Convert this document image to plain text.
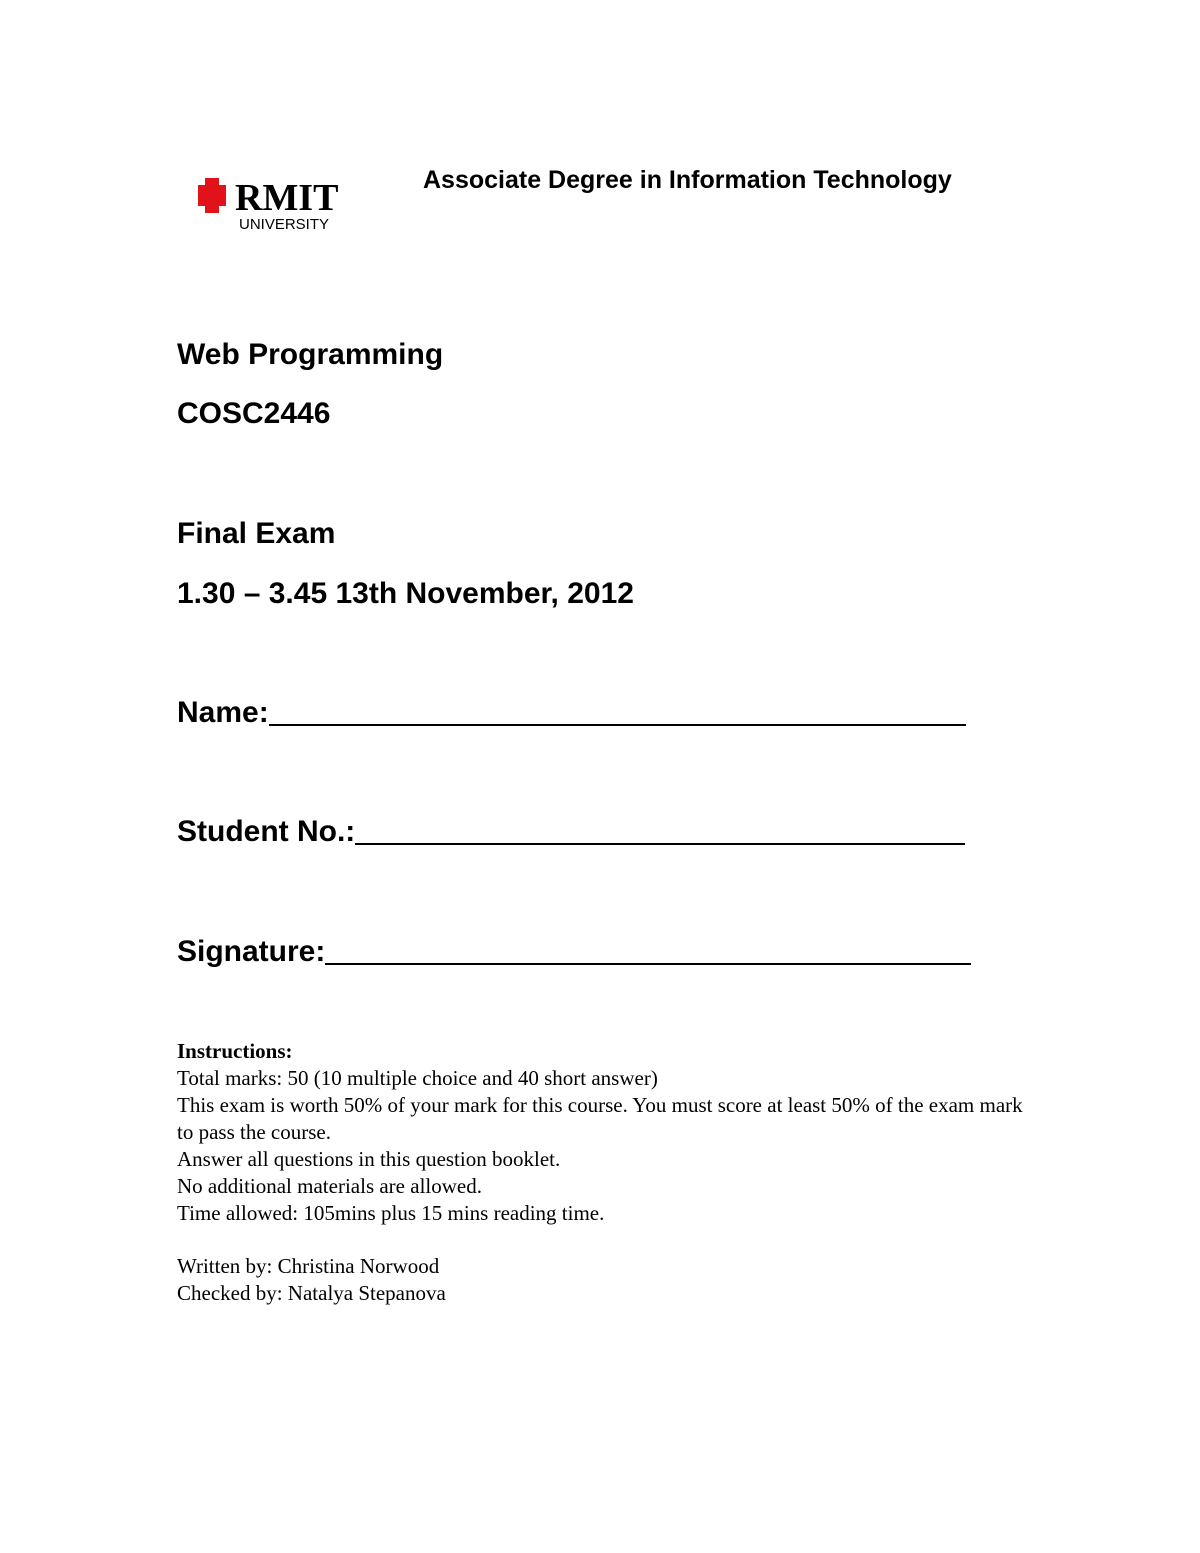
RMIT
UNIVERSITY
Associate Degree in Information Technology
Web Programming
COSC2446
Final Exam
1.30 – 3.45 13th November, 2012
Name:
Student No.:
Signature:
Instructions:
Total marks: 50 (10 multiple choice and 40 short answer)
This exam is worth 50% of your mark for this course. You must score at least 50% of the exam mark to pass the course.
Answer all questions in this question booklet.
No additional materials are allowed.
Time allowed: 105mins plus 15 mins reading time.
Written by: Christina Norwood
Checked by: Natalya Stepanova
